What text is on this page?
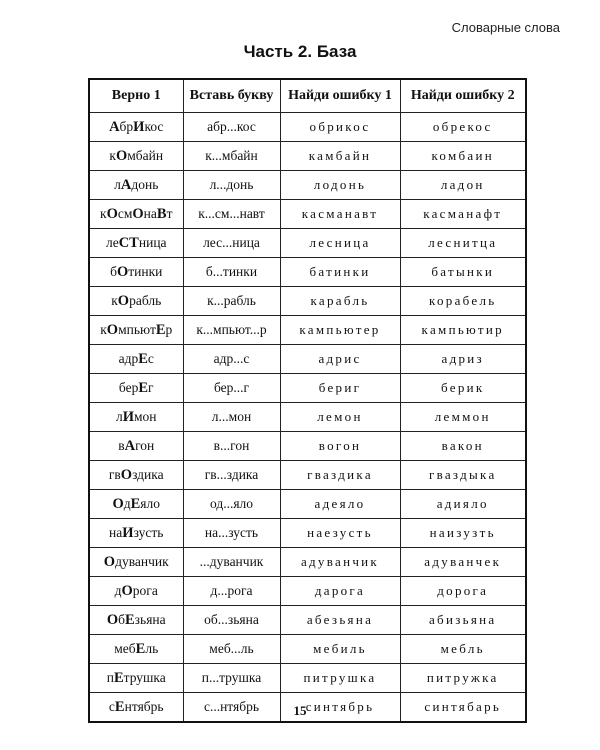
Словарные слова
Часть 2. База
Верно 1	Вставь букву	Найди ошибку 1	Найди ошибку 2
АбрИкос	абр...кос	обрикос	обрекос
кОмбайн	к...мбайн	камбайн	комбаин
лАдонь	л...донь	лодонь	ладон
кОсмОнаВт	к...см...навт	касманавт	касманафт
леСТница	лес...ница	лесница	леснитца
бОтинки	б...тинки	батинки	батынки
кОрабль	к...рабль	карабль	корабель
кОмпьютЕр	к...мпьют...р	кампьютер	кампьютир
адрЕс	адр...с	адрис	адриз
берЕг	бер...г	бериг	берик
лИмон	л...мон	лемон	леммон
вАгон	в...гон	вогон	вакон
гвОздика	гв...здика	гваздика	гваздыка
ОдЕяло	од...яло	адеяло	адияло
наИзусть	на...зусть	наезусть	наизузть
Одуванчик	...дуванчик	адуванчик	адуванчек
дОрога	д...рога	дарога	дорога
ОбЕзьяна	об...зьяна	абезьяна	абизьяна
мебЕль	меб...ль	мебиль	мебль
пЕтрушка	п...трушка	питрушка	питружка
сЕнтябрь	с...нтябрь	синтябрь	синтябарь
15
